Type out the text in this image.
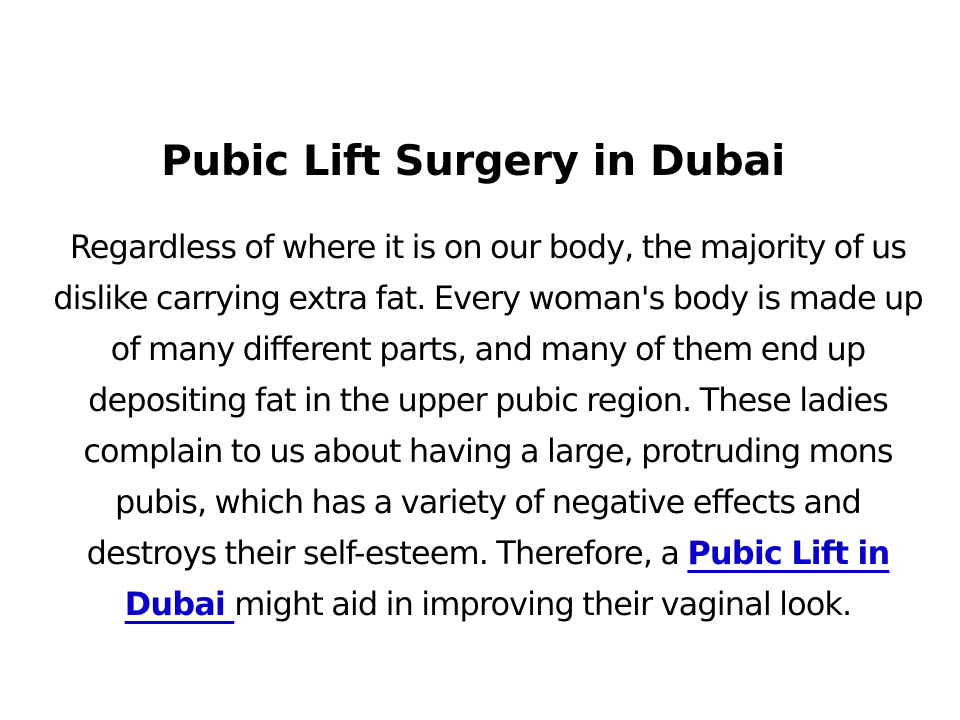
Pubic Lift Surgery in Dubai

Regardless of where it is on our body, the majority of us dislike carrying extra fat. Every woman's body is made up of many different parts, and many of them end up depositing fat in the upper pubic region. These ladies complain to us about having a large, protruding mons pubis, which has a variety of negative effects and destroys their self-esteem. Therefore, a Pubic Lift in Dubai might aid in improving their vaginal look.
